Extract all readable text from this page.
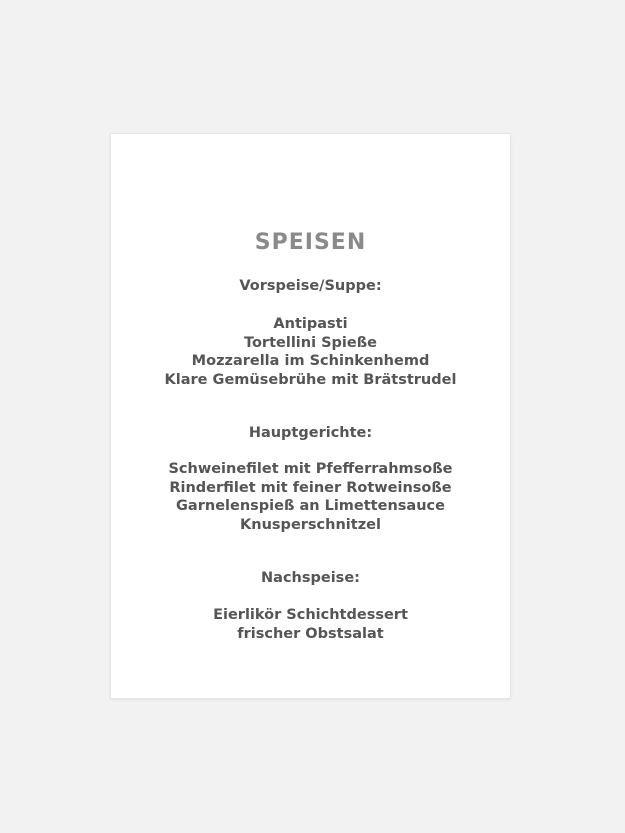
SPEISEN
Vorspeise/Suppe:
Antipasti
Tortellini Spieße
Mozzarella im Schinkenhemd
Klare Gemüsebrühe mit Brätstrudel
Hauptgerichte:
Schweinefilet mit Pfefferrahmsoße
Rinderfilet mit feiner Rotweinsoße
Garnelenspieß an Limettensauce
Knusperschnitzel
Nachspeise:
Eierlikör Schichtdessert
frischer Obstsalat
